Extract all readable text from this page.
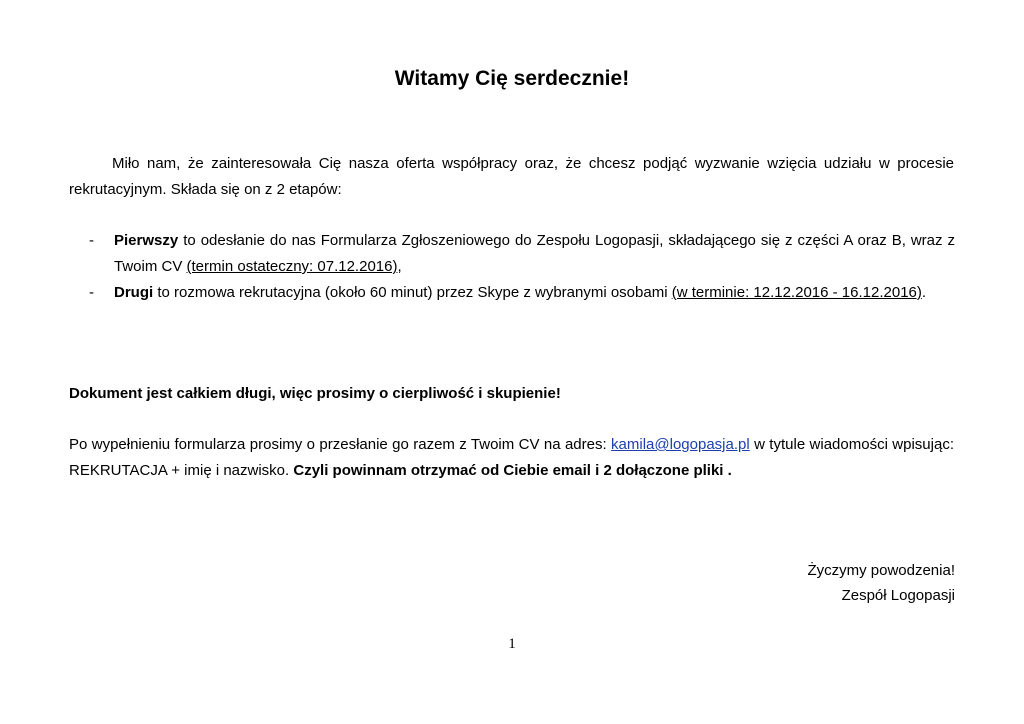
Witamy Cię serdecznie!
Miło nam, że zainteresowała Cię nasza oferta współpracy oraz, że chcesz podjąć wyzwanie wzięcia udziału w procesie rekrutacyjnym. Składa się on z 2 etapów:
- Pierwszy to odesłanie do nas Formularza Zgłoszeniowego do Zespołu Logopasji, składającego się z części A oraz B, wraz z Twoim CV (termin ostateczny: 07.12.2016),
- Drugi to rozmowa rekrutacyjna (około 60 minut) przez Skype z wybranymi osobami (w terminie: 12.12.2016 - 16.12.2016).
Dokument jest całkiem długi, więc prosimy o cierpliwość i skupienie!
Po wypełnieniu formularza prosimy o przesłanie go razem z Twoim CV na adres: kamila@logopasja.pl w tytule wiadomości wpisując: REKRUTACJA + imię i nazwisko. Czyli powinnam otrzymać od Ciebie email i 2 dołączone pliki .
Życzymy powodzenia!
Zespół Logopasji
1
